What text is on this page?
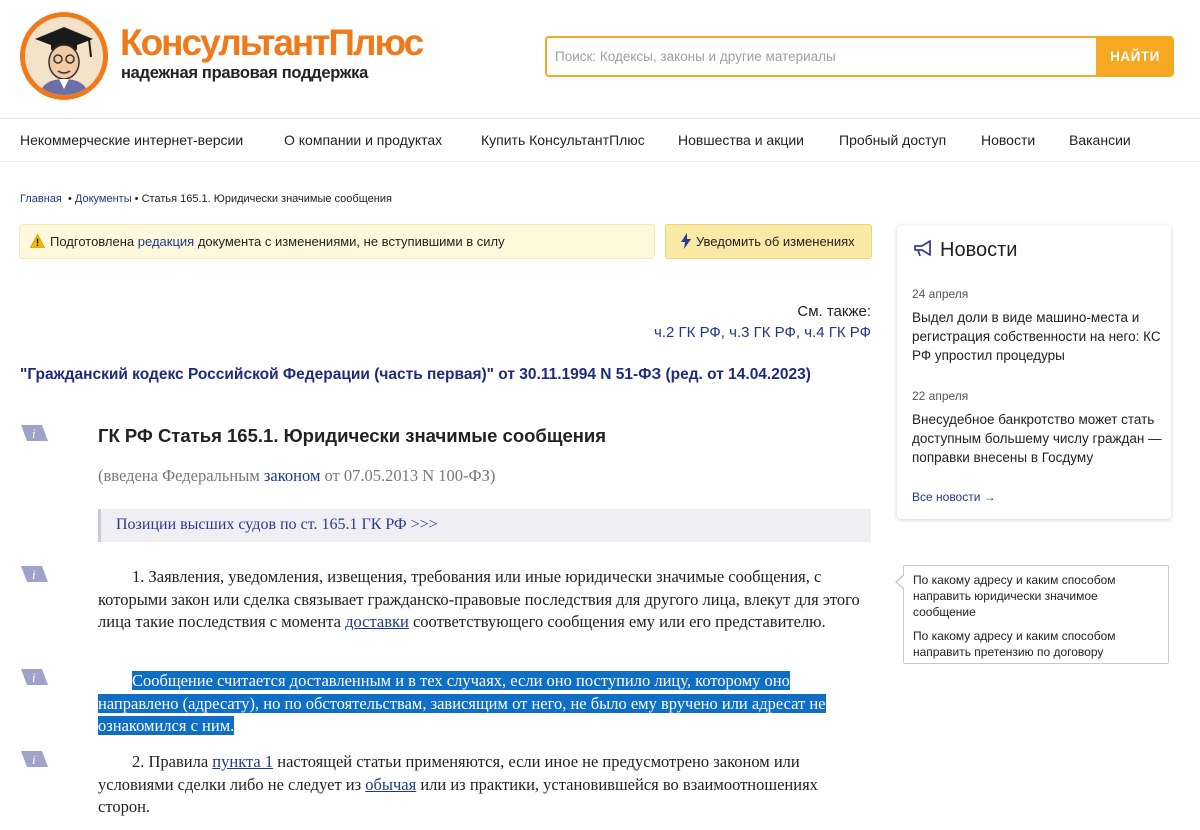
КонсультантПлюс
надежная правовая поддержка
Поиск: Кодексы, законы и другие материалы
НАЙТИ
Некоммерческие интернет-версии	О компании и продуктах	Купить КонсультантПлюс Новшества и акции	Пробный доступ Новости Вакансии
Главная  • Документы • Статья 165.1. Юридически значимые сообщения
Подготовлена редакция документа с изменениями, не вступившими в силу	Уведомить об изменениях
См. также:
ч.2 ГК РФ, ч.3 ГК РФ, ч.4 ГК РФ
"Гражданский кодекс Российской Федерации (часть первая)" от 30.11.1994 N 51-ФЗ (ред. от 14.04.2023)
i	ГК РФ Статья 165.1. Юридически значимые сообщения
(введена Федеральным законом от 07.05.2013 N 100-ФЗ)
Позиции высших судов по ст. 165.1 ГК РФ >>>
i	1. Заявления, уведомления, извещения, требования или иные юридически значимые сообщения, с которыми закон или сделка связывает гражданско-правовые последствия для другого лица, влекут для этого лица такие последствия с момента доставки соответствующего сообщения ему или его представителю.
i	Сообщение считается доставленным и в тех случаях, если оно поступило лицу, которому оно направлено (адресату), но по обстоятельствам, зависящим от него, не было ему вручено или адресат не ознакомился с ним.
i	2. Правила пункта 1 настоящей статьи применяются, если иное не предусмотрено законом или условиями сделки либо не следует из обычая или из практики, установившейся во взаимоотношениях сторон.
Новости
24 апреля
Выдел доли в виде машино-места и регистрация собственности на него: КС РФ упростил процедуры
22 апреля
Внесудебное банкротство может стать доступным большему числу граждан — поправки внесены в Госдуму
Все новости →
По какому адресу и каким способом направить юридически значимое сообщение
По какому адресу и каким способом направить претензию по договору
